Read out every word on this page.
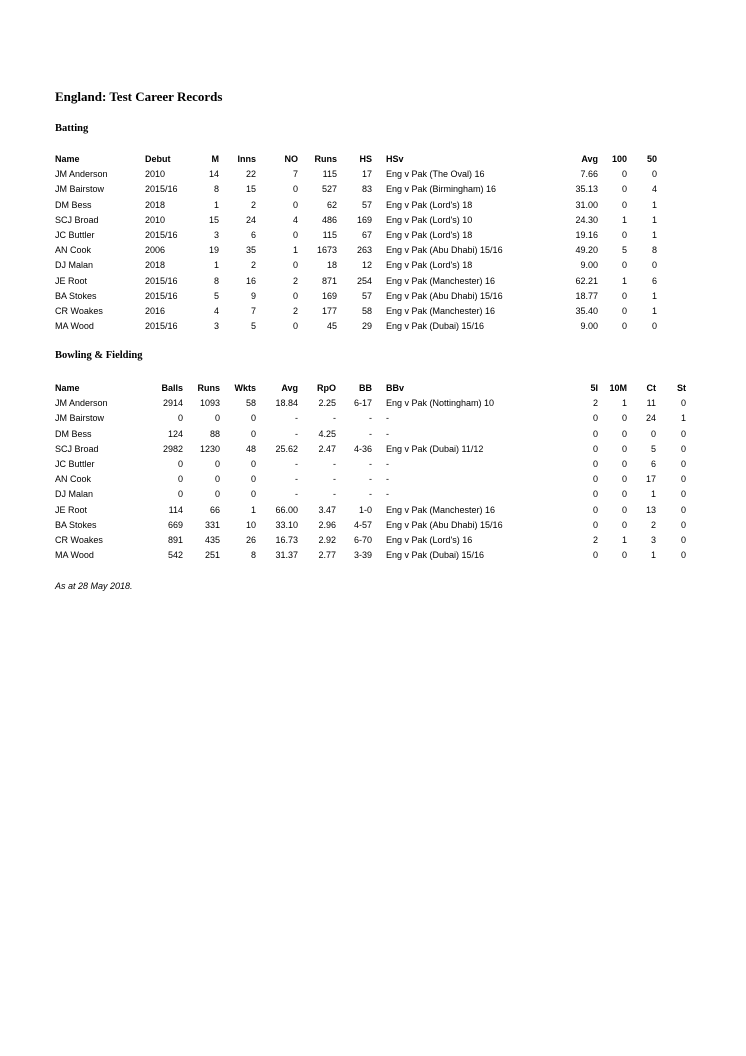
England: Test Career Records
Batting
Name	Debut	M Inns	NO Runs HS HSv	Avg 100 50
JM Anderson	2010	14	22	7	115	17 Eng v Pak (The Oval) 16	7.66	0	0
JM Bairstow	2015/16	8	15	0	527	83 Eng v Pak (Birmingham) 16	35.13	0	4
DM Bess	2018	1	2	0	62	57 Eng v Pak (Lord's) 18	31.00	0	1
SCJ Broad	2010	15	24	4	486 169 Eng v Pak (Lord's) 10	24.30	1	1
JC Buttler	2015/16	3	6	0	115	67 Eng v Pak (Lord's) 18	19.16	0	1
AN Cook	2006	19	35	1 1673 263 Eng v Pak (Abu Dhabi) 15/16	49.20	5	8
DJ Malan	2018	1	2	0	18	12 Eng v Pak (Lord's) 18	9.00	0	0
JE Root	2015/16	8	16	2	871 254 Eng v Pak (Manchester) 16	62.21	1	6
BA Stokes	2015/16	5	9	0	169	57 Eng v Pak (Abu Dhabi) 15/16	18.77	0	1
CR Woakes	2016	4	7	2	177	58 Eng v Pak (Manchester) 16	35.40	0	1
MA Wood	2015/16	3	5	0	45	29 Eng v Pak (Dubai) 15/16	9.00	0	0
Bowling & Fielding
Name	Balls Runs Wkts	Avg RpO	BB BBv	5I 10M Ct St
JM Anderson	2914 1093	58 18.84 2.25 6-17 Eng v Pak (Nottingham) 10	2	1 11	0
JM Bairstow	0	0	0	-	-	- -	0	0 24	1
DM Bess	124	88	0	- 4.25	- -	0	0	0	0
SCJ Broad	2982 1230	48 25.62 2.47 4-36 Eng v Pak (Dubai) 11/12	0	0	5	0
JC Buttler	0	0	0	-	-	- -	0	0	6	0
AN Cook	0	0	0	-	-	- -	0	0 17	0
DJ Malan	0	0	0	-	-	- -	0	0	1	0
JE Root	114	66	1 66.00 3.47	1-0 Eng v Pak (Manchester) 16	0	0 13	0
BA Stokes	669 331	10 33.10 2.96 4-57 Eng v Pak (Abu Dhabi) 15/16	0	0	2	0
CR Woakes	891 435	26 16.73 2.92 6-70 Eng v Pak (Lord's) 16	2	1	3	0
MA Wood	542 251	8 31.37 2.77 3-39 Eng v Pak (Dubai) 15/16	0	0	1	0
As at 28 May 2018.
